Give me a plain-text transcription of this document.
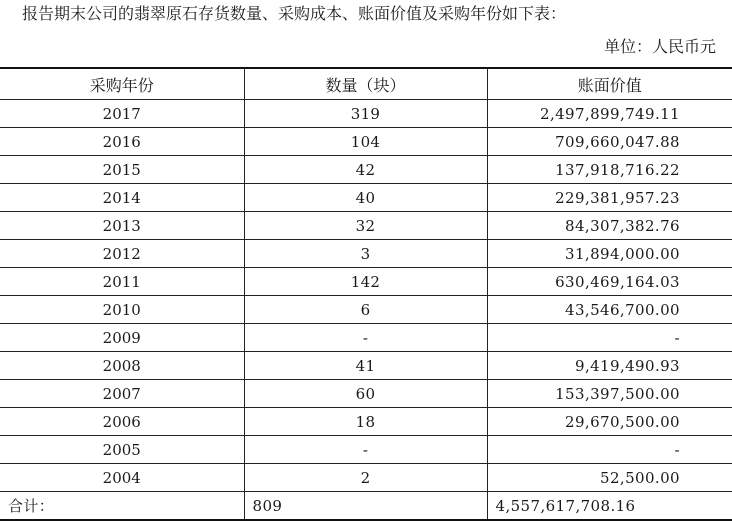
报告期末公司的翡翠原石存货数量、采购成本、账面价值及采购年份如下表：
单位：人民币元
采购年份	数量（块）	账面价值
2017	319	2,497,899,749.11
2016	104	709,660,047.88
2015	42	137,918,716.22
2014	40	229,381,957.23
2013	32	84,307,382.76
2012	3	31,894,000.00
2011	142	630,469,164.03
2010	6	43,546,700.00
2009	-	-
2008	41	9,419,490.93
2007	60	153,397,500.00
2006	18	29,670,500.00
2005	-	-
2004	2	52,500.00
合计：	809	4,557,617,708.16
